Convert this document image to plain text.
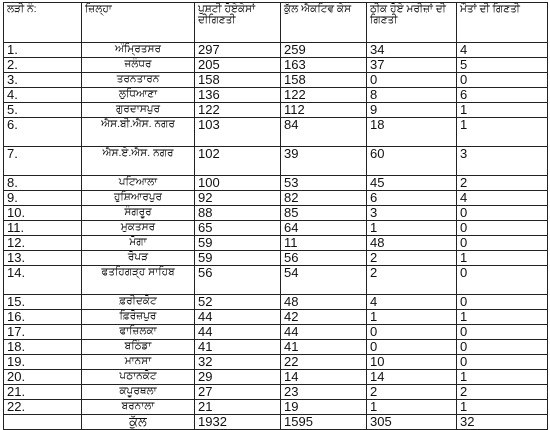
ਲੜੀ ਨੰ:	ਜ਼ਿਲ੍ਹਾ	ਪੁਸ਼ਟੀ ਹੋਏਕੇਸਾਂ ਦੀਗਿਣਤੀ	ਕੁੱਲ ਐਕਟਿਵ ਕੇਸ	ਠੀਕ ਹੋਏ ਮਰੀਜ਼ਾਂ ਦੀ ਗਿਣਤੀ	ਮੌਤਾਂ ਦੀ ਗਿਣਤੀ
1.	ਅੰਮ੍ਰਿਤਸਰ	297	259	34	4
2.	ਜਲੰਧਰ	205	163	37	5
3.	ਤਰਨਤਾਰਨ	158	158	0	0
4.	ਲੁਧਿਆਣਾ	136	122	8	6
5.	ਗੁਰਦਾਸਪੁਰ	122	112	9	1
6.	ਐਸ.ਬੀ.ਐਸ. ਨਗਰ	103	84	18	1
7.	ਐਸ.ਏ.ਐਸ. ਨਗਰ	102	39	60	3
8.	ਪਟਿਆਲਾ	100	53	45	2
9.	ਹੁਸ਼ਿਆਰਪੁਰ	92	82	6	4
10.	ਸੰਗਰੂਰ	88	85	3	0
11.	ਮੁਕਤਸਰ	65	64	1	0
12.	ਮੋਗਾ	59	11	48	0
13.	ਰੋਪੜ	59	56	2	1
14.	ਫਤਹਿਗੜ੍ਹ ਸਾਹਿਬ	56	54	2	0
15.	ਫ਼ਰੀਦਕੋਟ	52	48	4	0
16.	ਫ਼ਿਰੋਜ਼ਪੁਰ	44	42	1	1
17.	ਫਾਜ਼ਿਲਕਾ	44	44	0	0
18.	ਬਠਿੰਡਾ	41	41	0	0
19.	ਮਾਨਸਾ	32	22	10	0
20.	ਪਠਾਨਕੋਟ	29	14	14	1
21.	ਕਪੂਰਥਲਾ	27	23	2	2
22.	ਬਰਨਾਲਾ	21	19	1	1
	ਕੁੱਲ	1932	1595	305	32
